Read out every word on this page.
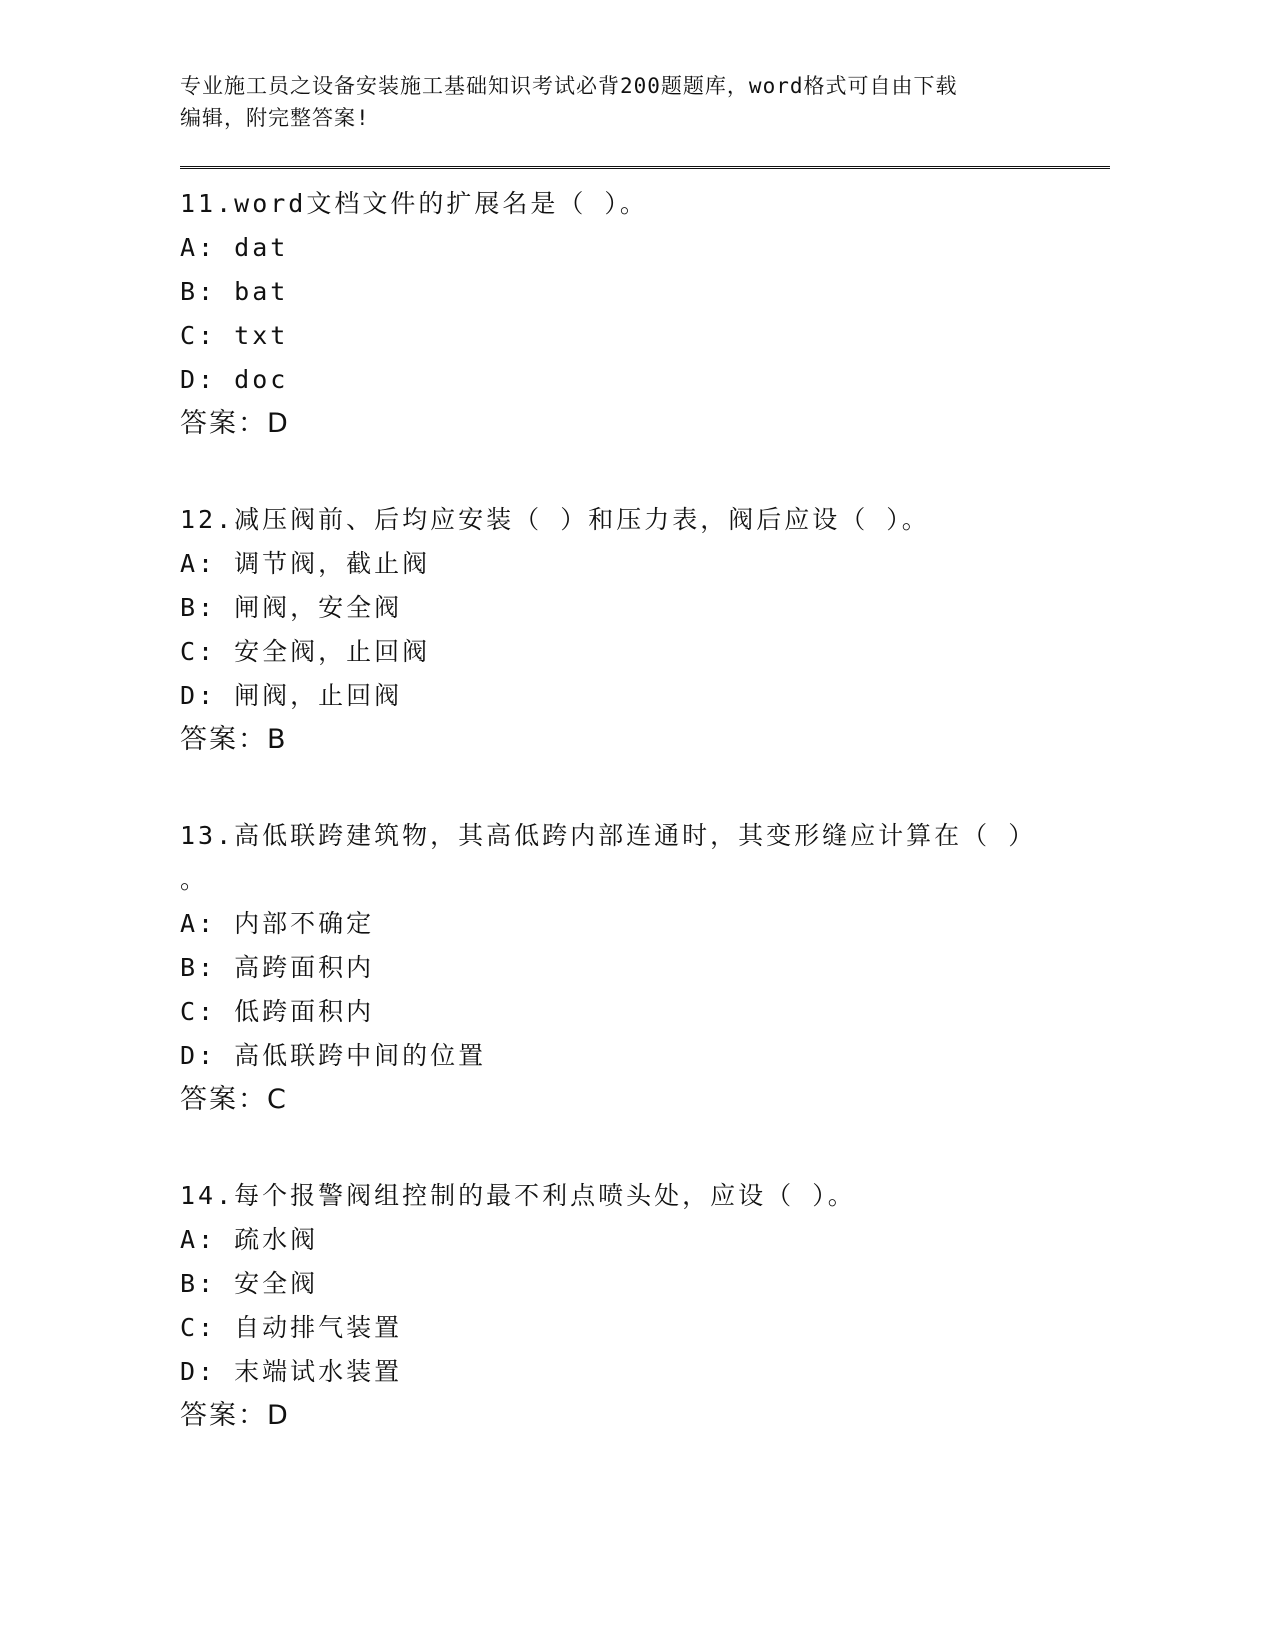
专业施工员之设备安装施工基础知识考试必背200题题库，word格式可自由下载
编辑，附完整答案!
11.word文档文件的扩展名是（ ）。
A: dat
B: bat
C: txt
D: doc
答案：D
12.减压阀前、后均应安装（ ）和压力表，阀后应设（ ）。
A: 调节阀，截止阀
B: 闸阀，安全阀
C: 安全阀，止回阀
D: 闸阀，止回阀
答案：B
13.高低联跨建筑物，其高低跨内部连通时，其变形缝应计算在（ ）
。
A: 内部不确定
B: 高跨面积内
C: 低跨面积内
D: 高低联跨中间的位置
答案：C
14.每个报警阀组控制的最不利点喷头处，应设（ ）。
A: 疏水阀
B: 安全阀
C: 自动排气装置
D: 末端试水装置
答案：D
